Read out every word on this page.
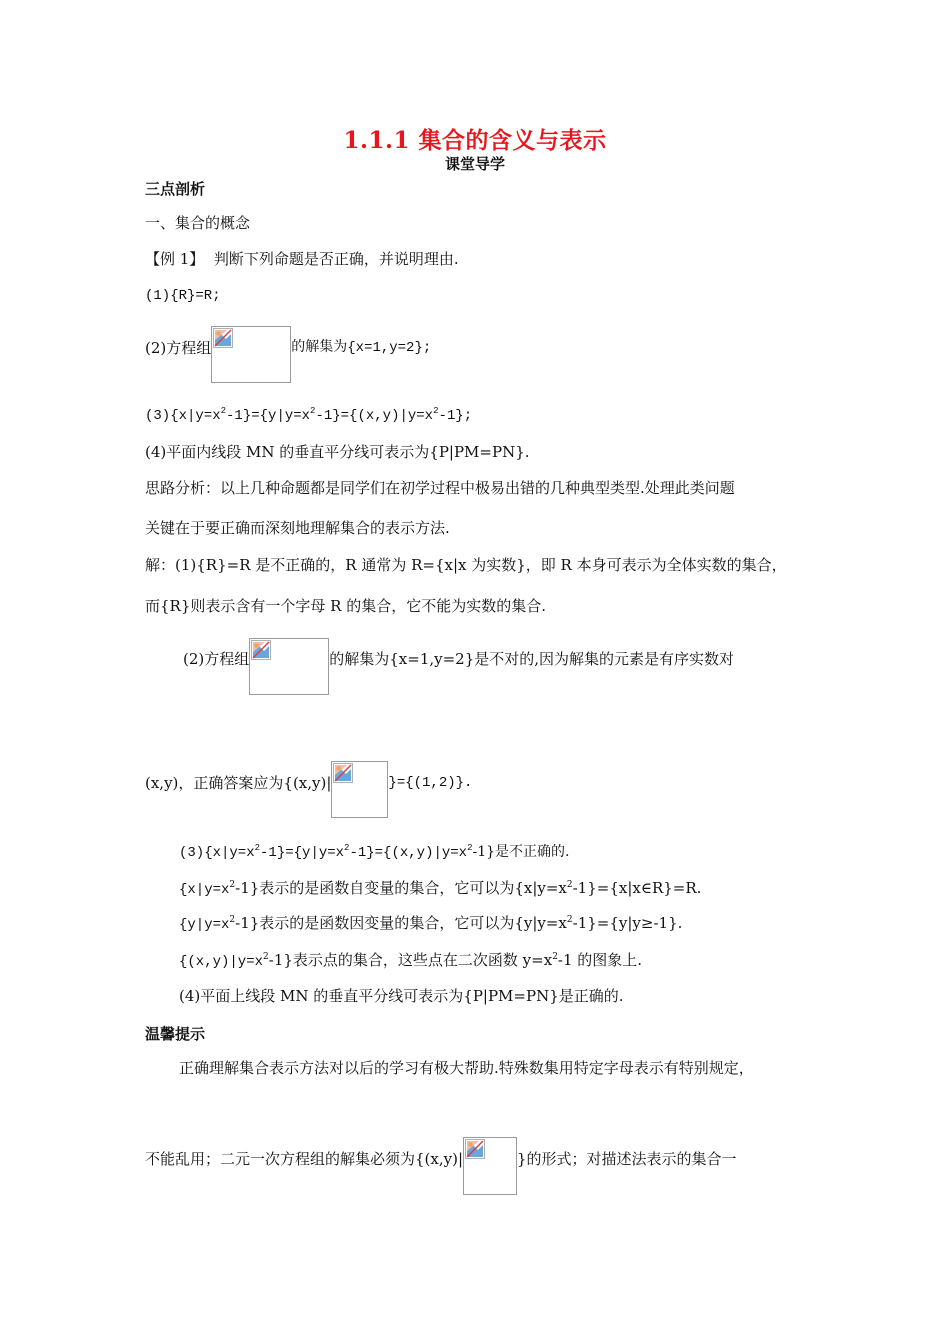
1.1.1 集合的含义与表示
课堂导学
三点剖析
一、集合的概念
【例 1】 判断下列命题是否正确，并说明理由.
(1){R}=R;
(2)方程组	的解集为{x=1,y=2};
$(3)\{x|y=x^2-1\}=\{y|y=x^2-1\}=\{(x,y)|y=x^2-1\}$;
(4)平面内线段 MN 的垂直平分线可表示为{P|PM=PN}.
思路分析：以上几种命题都是同学们在初学过程中极易出错的几种典型类型.处理此类问题
关键在于要正确而深刻地理解集合的表示方法.
解：(1){R}=R 是不正确的，R 通常为 R={x|x 为实数}，即 R 本身可表示为全体实数的集合，
而{R}则表示含有一个字母 R 的集合，它不能为实数的集合.
(2)方程组	的解集为{x=1,y=2}是不对的,因为解集的元素是有序实数对
(x,y)，正确答案应为{(x,y)|	}={(1,2)}.
$(3)\{x|y=x^2-1\}=\{y|y=x^2-1\}=\{(x,y)|y=x^2-1\}$是不正确的.
$\{x|y=x^2-1\}$表示的是函数自变量的集合，它可以为$\{x|y=x^2-1\}=\{x|x\in R\}=R$.
$\{y|y=x^2-1\}$表示的是函数因变量的集合，它可以为$\{y|y=x^2-1\}=\{y|y\ge-1\}$.
$\{(x,y)|y=x^2-1\}$表示点的集合，这些点在二次函数 $y=x^2-1$ 的图象上.
(4)平面上线段 MN 的垂直平分线可表示为{P|PM=PN}是正确的.
温馨提示
正确理解集合表示方法对以后的学习有极大帮助.特殊数集用特定字母表示有特别规定，
不能乱用；二元一次方程组的解集必须为{(x,y)|	}的形式；对描述法表示的集合一
